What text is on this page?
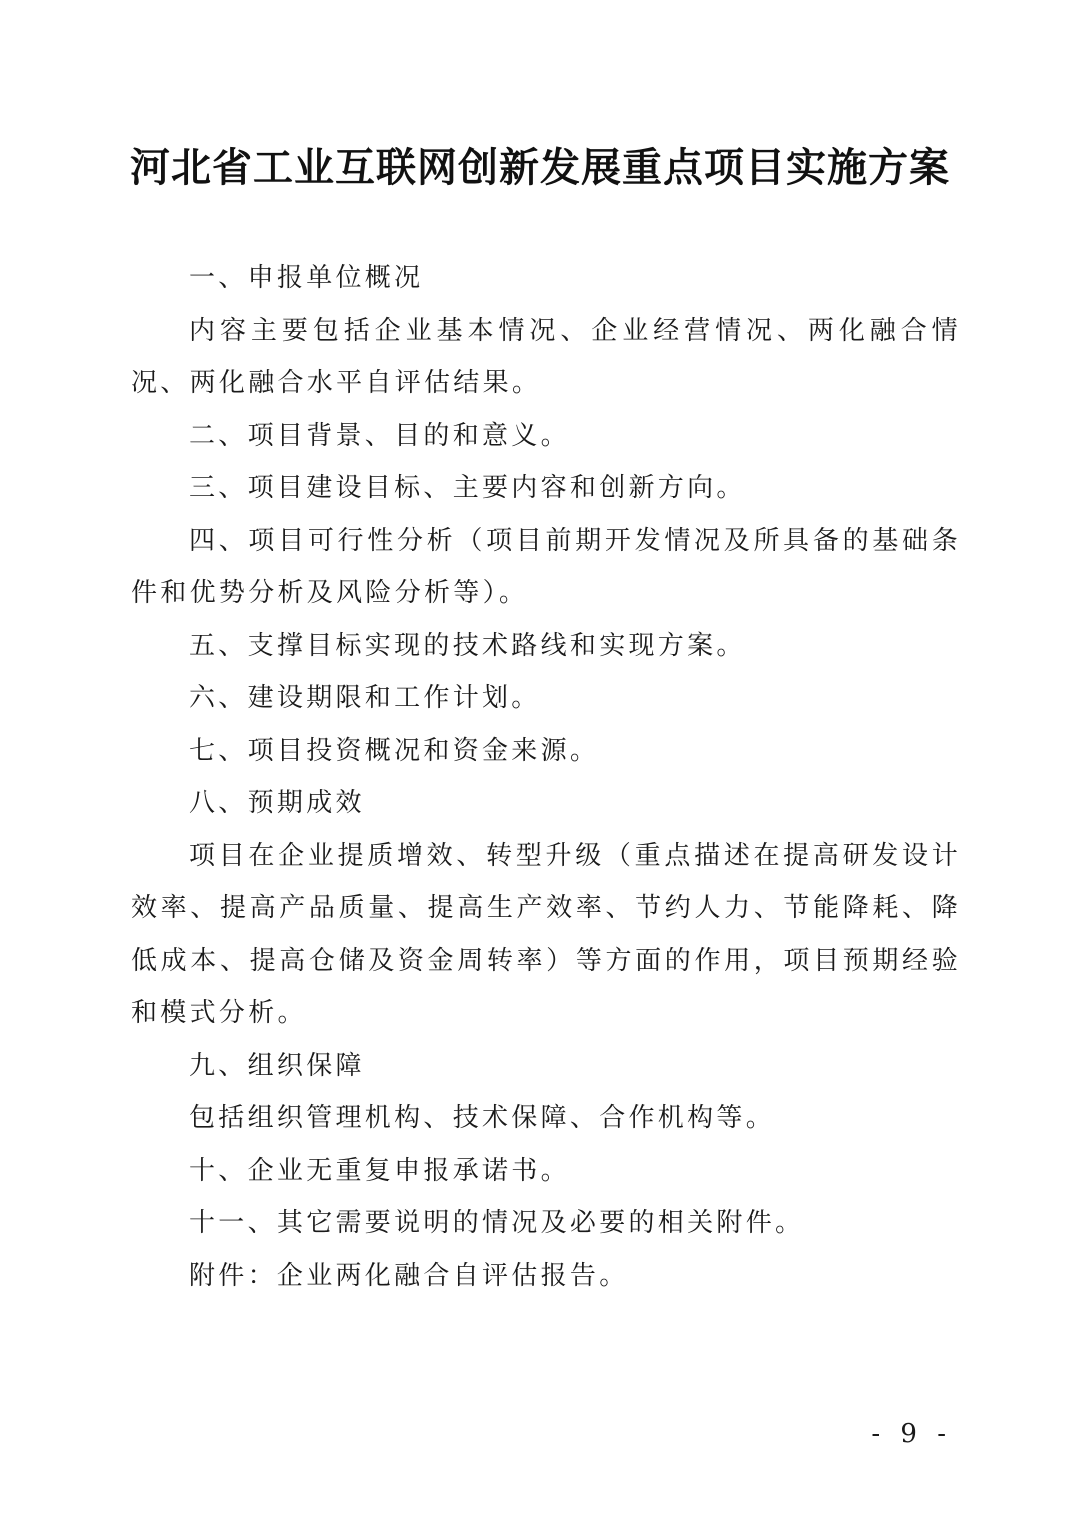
河北省工业互联网创新发展重点项目实施方案

一、申报单位概况

内容主要包括企业基本情况、企业经营情况、两化融合情况、两化融合水平自评估结果。

二、项目背景、目的和意义。

三、项目建设目标、主要内容和创新方向。

四、项目可行性分析（项目前期开发情况及所具备的基础条件和优势分析及风险分析等）。

五、支撑目标实现的技术路线和实现方案。

六、建设期限和工作计划。

七、项目投资概况和资金来源。

八、预期成效

项目在企业提质增效、转型升级（重点描述在提高研发设计效率、提高产品质量、提高生产效率、节约人力、节能降耗、降低成本、提高仓储及资金周转率）等方面的作用，项目预期经验和模式分析。

九、组织保障

包括组织管理机构、技术保障、合作机构等。

十、企业无重复申报承诺书。

十一、其它需要说明的情况及必要的相关附件。

附件：企业两化融合自评估报告。

- 9 -
